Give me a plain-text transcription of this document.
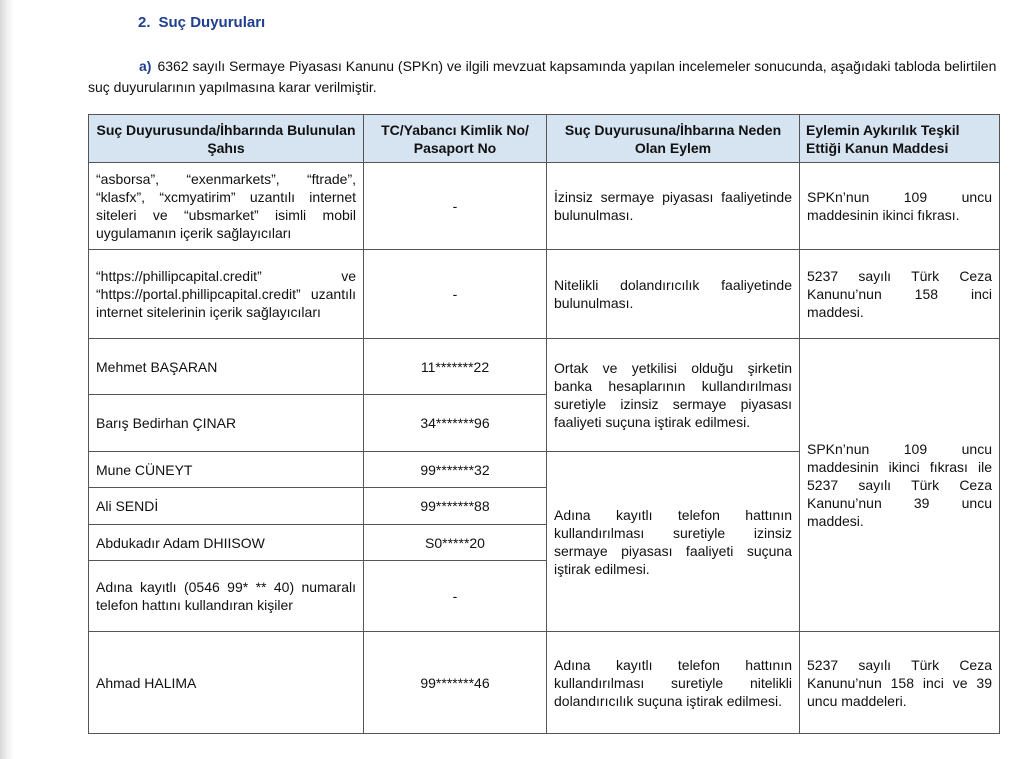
2. Suç Duyuruları
a) 6362 sayılı Sermaye Piyasası Kanunu (SPKn) ve ilgili mevzuat kapsamında yapılan incelemeler sonucunda, aşağıdaki tabloda belirtilen suç duyurularının yapılmasına karar verilmiştir.
Suç Duyurusunda/İhbarında Bulunulan Şahıs	TC/Yabancı Kimlik No/ Pasaport No	Suç Duyurusuna/İhbarına Neden Olan Eylem	Eylemin Aykırılık Teşkil Ettiği Kanun Maddesi
“asborsa”, “exenmarkets”, “ftrade”, “klasfx”, “xcmyatirim” uzantılı internet siteleri ve “ubsmarket” isimli mobil uygulamanın içerik sağlayıcıları	-	İzinsiz sermaye piyasası faaliyetinde bulunulması.	SPKn’nun 109 uncu maddesinin ikinci fıkrası.
“https://phillipcapital.credit” ve “https://portal.phillipcapital.credit” uzantılı internet sitelerinin içerik sağlayıcıları	-	Nitelikli dolandırıcılık faaliyetinde bulunulması.	5237 sayılı Türk Ceza Kanunu’nun 158 inci maddesi.
Mehmet BAŞARAN	11*******22	Ortak ve yetkilisi olduğu şirketin banka hesaplarının kullandırılması suretiyle izinsiz sermaye piyasası faaliyeti suçuna iştirak edilmesi.	SPKn’nun 109 uncu maddesinin ikinci fıkrası ile 5237 sayılı Türk Ceza Kanunu’nun 39 uncu maddesi.
Barış Bedirhan ÇINAR	34*******96		
Mune CÜNEYT	99*******32	Adına kayıtlı telefon hattının kullandırılması suretiyle izinsiz sermaye piyasası faaliyeti suçuna iştirak edilmesi.	
Ali SENDİ	99*******88		
Abdukadır Adam DHIISOW	S0*****20		
Adına kayıtlı (0546 99* ** 40) numaralı telefon hattını kullandıran kişiler	-		
Ahmad HALIMA	99*******46	Adına kayıtlı telefon hattının kullandırılması suretiyle nitelikli dolandırıcılık suçuna iştirak edilmesi.	5237 sayılı Türk Ceza Kanunu’nun 158 inci ve 39 uncu maddeleri.
